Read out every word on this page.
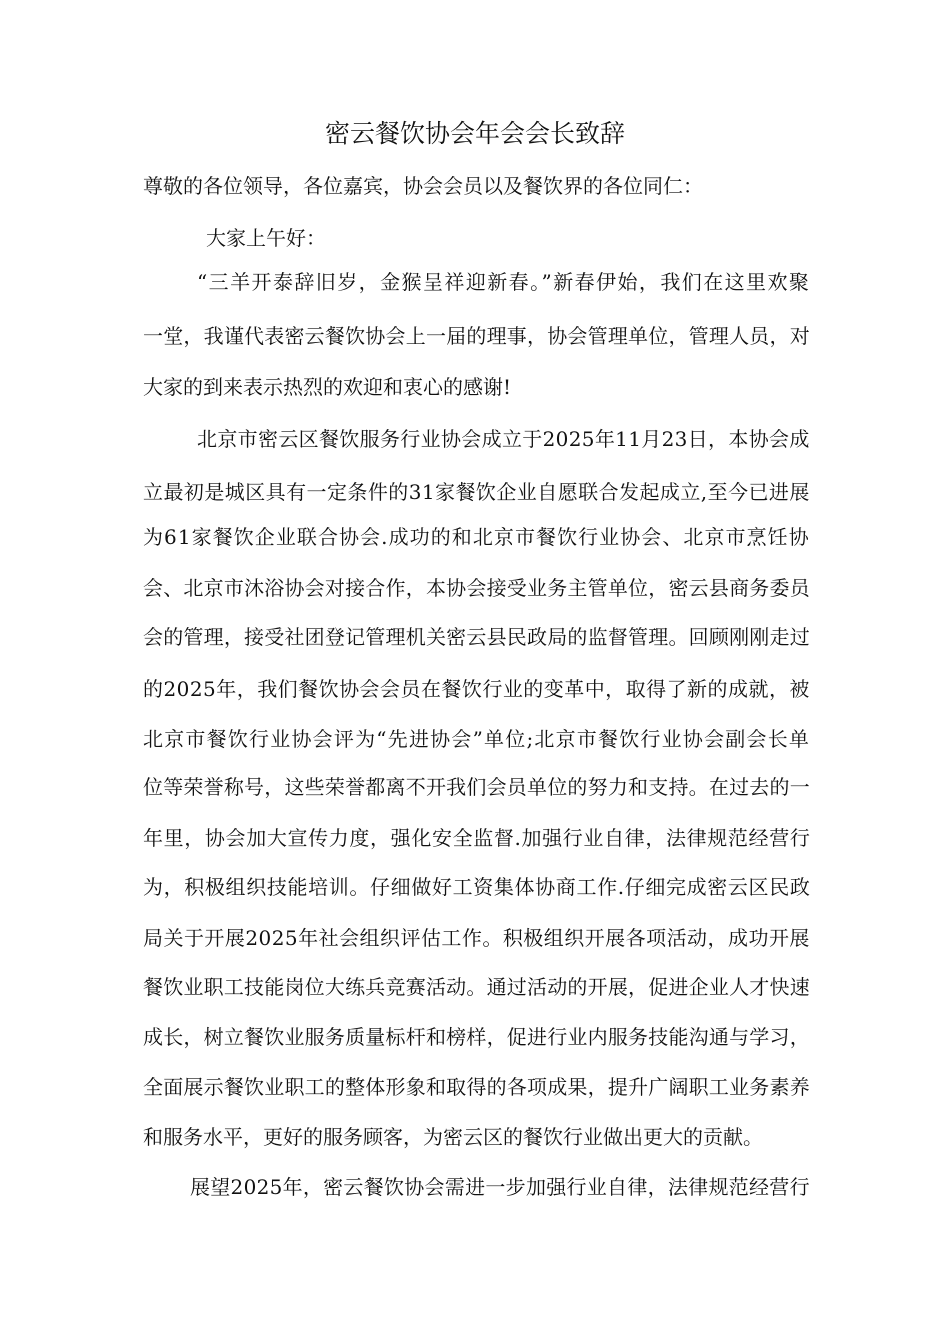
密云餐饮协会年会会长致辞
尊敬的各位领导，各位嘉宾，协会会员以及餐饮界的各位同仁：
大家上午好：
“三羊开泰辞旧岁，金猴呈祥迎新春。”新春伊始，我们在这里欢聚
一堂，我谨代表密云餐饮协会上一届的理事，协会管理单位，管理人员，对
大家的到来表示热烈的欢迎和衷心的感谢!
北京市密云区餐饮服务行业协会成立于2025年11月23日，本协会成
立最初是城区具有一定条件的31家餐饮企业自愿联合发起成立,至今已进展
为61家餐饮企业联合协会.成功的和北京市餐饮行业协会、北京市烹饪协
会、北京市沐浴协会对接合作，本协会接受业务主管单位，密云县商务委员
会的管理，接受社团登记管理机关密云县民政局的监督管理。回顾刚刚走过
的2025年，我们餐饮协会会员在餐饮行业的变革中，取得了新的成就，被
北京市餐饮行业协会评为“先进协会”单位;北京市餐饮行业协会副会长单
位等荣誉称号，这些荣誉都离不开我们会员单位的努力和支持。在过去的一
年里，协会加大宣传力度，强化安全监督.加强行业自律，法律规范经营行
为，积极组织技能培训。仔细做好工资集体协商工作.仔细完成密云区民政
局关于开展2025年社会组织评估工作。积极组织开展各项活动，成功开展
餐饮业职工技能岗位大练兵竞赛活动。通过活动的开展，促进企业人才快速
成长，树立餐饮业服务质量标杆和榜样，促进行业内服务技能沟通与学习，
全面展示餐饮业职工的整体形象和取得的各项成果，提升广阔职工业务素养
和服务水平，更好的服务顾客，为密云区的餐饮行业做出更大的贡献。
展望2025年，密云餐饮协会需进一步加强行业自律，法律规范经营行
